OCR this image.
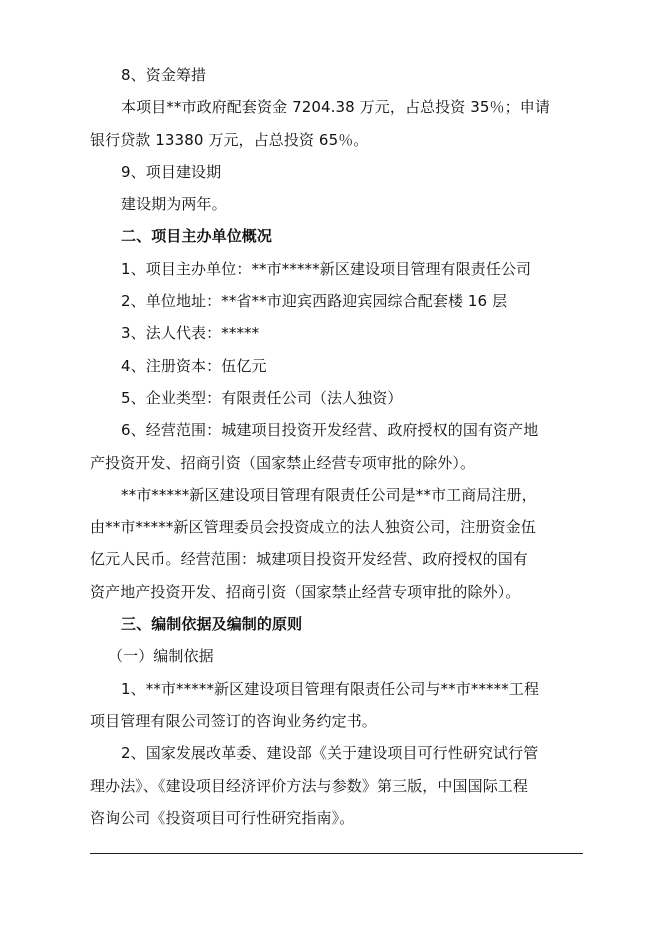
8、资金筹措
本项目**市政府配套资金 7204.38 万元，占总投资 35％；申请
银行贷款 13380 万元，占总投资 65％。
9、项目建设期
建设期为两年。
二、项目主办单位概况
1、项目主办单位：**市*****新区建设项目管理有限责任公司
2、单位地址：**省**市迎宾西路迎宾园综合配套楼 16 层
3、法人代表：*****
4、注册资本：伍亿元
5、企业类型：有限责任公司（法人独资）
6、经营范围：城建项目投资开发经营、政府授权的国有资产地
产投资开发、招商引资（国家禁止经营专项审批的除外）。
**市*****新区建设项目管理有限责任公司是**市工商局注册，
由**市*****新区管理委员会投资成立的法人独资公司，注册资金伍
亿元人民币。经营范围：城建项目投资开发经营、政府授权的国有
资产地产投资开发、招商引资（国家禁止经营专项审批的除外）。
三、编制依据及编制的原则
（一）编制依据
1、**市*****新区建设项目管理有限责任公司与**市*****工程
项目管理有限公司签订的咨询业务约定书。
2、国家发展改革委、建设部《关于建设项目可行性研究试行管
理办法》、《建设项目经济评价方法与参数》第三版，中国国际工程
咨询公司《投资项目可行性研究指南》。
